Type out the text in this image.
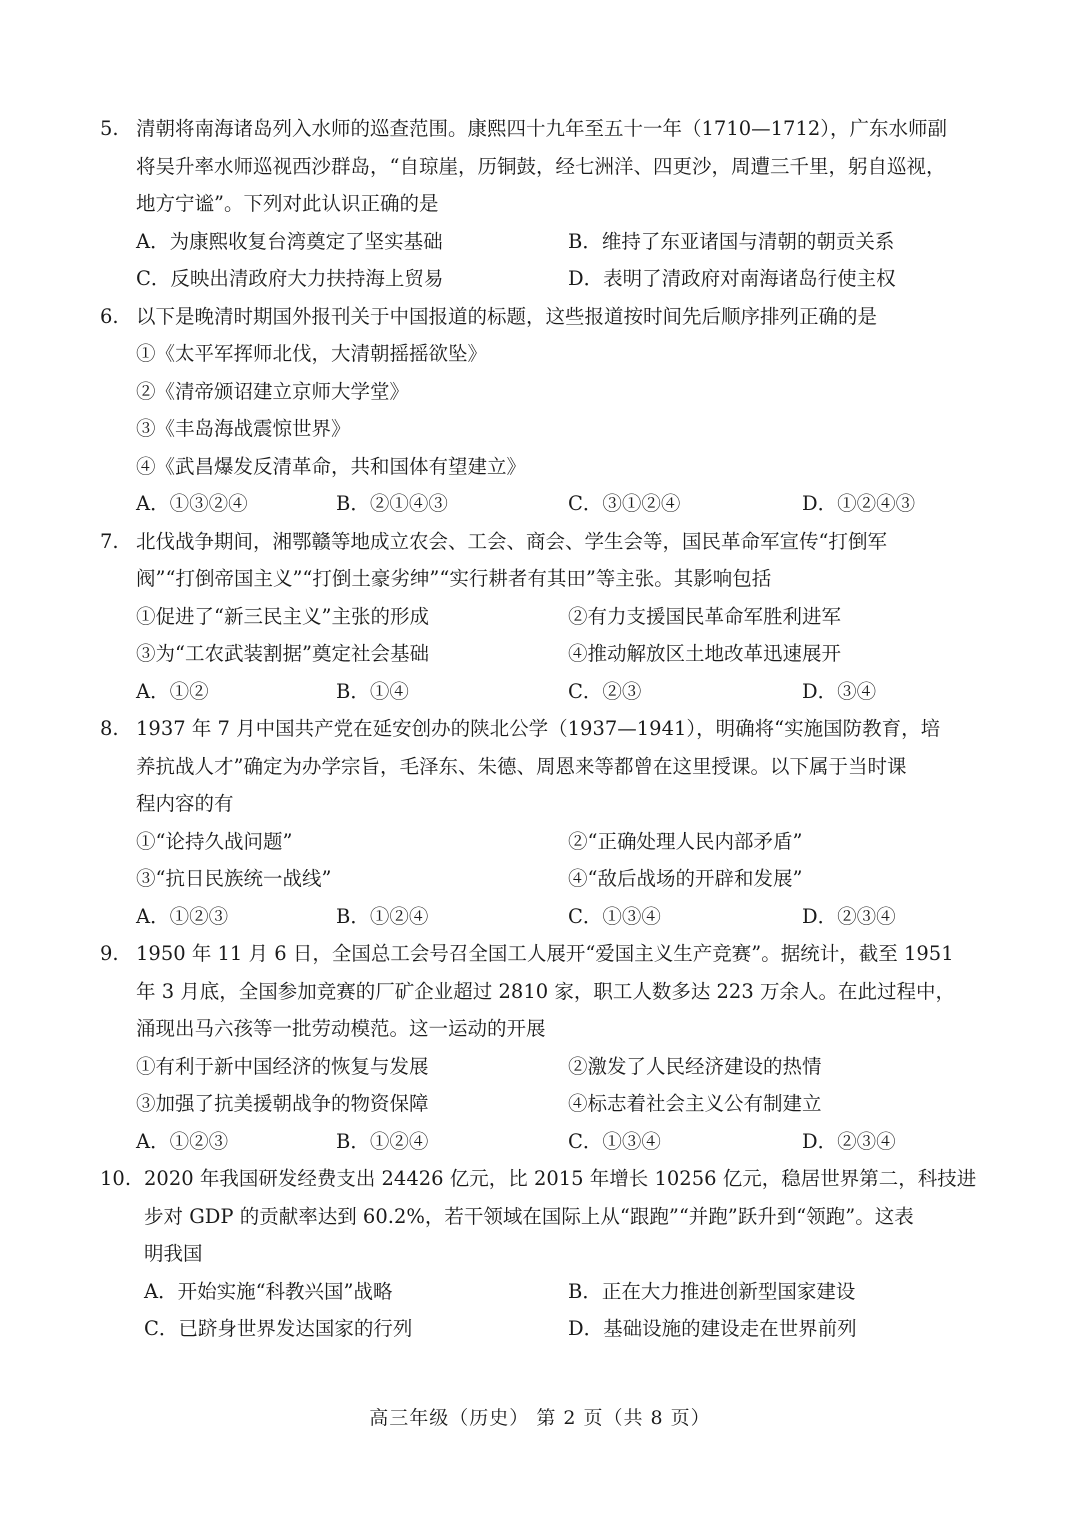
5. 清朝将南海诸岛列入水师的巡查范围。康熙四十九年至五十一年（1710—1712），广东水师副
将吴升率水师巡视西沙群岛，“自琼崖，历铜鼓，经七洲洋、四更沙，周遭三千里，躬自巡视，
地方宁谧”。下列对此认识正确的是
A．为康熙收复台湾奠定了坚实基础	B．维持了东亚诸国与清朝的朝贡关系
C．反映出清政府大力扶持海上贸易	D．表明了清政府对南海诸岛行使主权
6. 以下是晚清时期国外报刊关于中国报道的标题，这些报道按时间先后顺序排列正确的是
①《太平军挥师北伐，大清朝摇摇欲坠》
②《清帝颁诏建立京师大学堂》
③《丰岛海战震惊世界》
④《武昌爆发反清革命，共和国体有望建立》
A．①③②④	B．②①④③	C．③①②④	D．①②④③
7. 北伐战争期间，湘鄂赣等地成立农会、工会、商会、学生会等，国民革命军宣传“打倒军
阀”“打倒帝国主义”“打倒土豪劣绅”“实行耕者有其田”等主张。其影响包括
①促进了“新三民主义”主张的形成	②有力支援国民革命军胜利进军
③为“工农武装割据”奠定社会基础	④推动解放区土地改革迅速展开
A．①②	B．①④	C．②③	D．③④
8. 1937 年 7 月中国共产党在延安创办的陕北公学（1937—1941），明确将“实施国防教育，培
养抗战人才”确定为办学宗旨，毛泽东、朱德、周恩来等都曾在这里授课。以下属于当时课
程内容的有
①“论持久战问题”	②“正确处理人民内部矛盾”
③“抗日民族统一战线”	④“敌后战场的开辟和发展”
A．①②③	B．①②④	C．①③④	D．②③④
9. 1950 年 11 月 6 日，全国总工会号召全国工人展开“爱国主义生产竞赛”。据统计，截至 1951
年 3 月底，全国参加竞赛的厂矿企业超过 2810 家，职工人数多达 223 万余人。在此过程中，
涌现出马六孩等一批劳动模范。这一运动的开展
①有利于新中国经济的恢复与发展	②激发了人民经济建设的热情
③加强了抗美援朝战争的物资保障	④标志着社会主义公有制建立
A．①②③	B．①②④	C．①③④	D．②③④
10. 2020 年我国研发经费支出 24426 亿元，比 2015 年增长 10256 亿元，稳居世界第二，科技进
步对 GDP 的贡献率达到 60.2%，若干领域在国际上从“跟跑”“并跑”跃升到“领跑”。这表
明我国
A．开始实施“科教兴国”战略	B．正在大力推进创新型国家建设
C．已跻身世界发达国家的行列	D．基础设施的建设走在世界前列
高三年级（历史） 第 2 页（共 8 页）
